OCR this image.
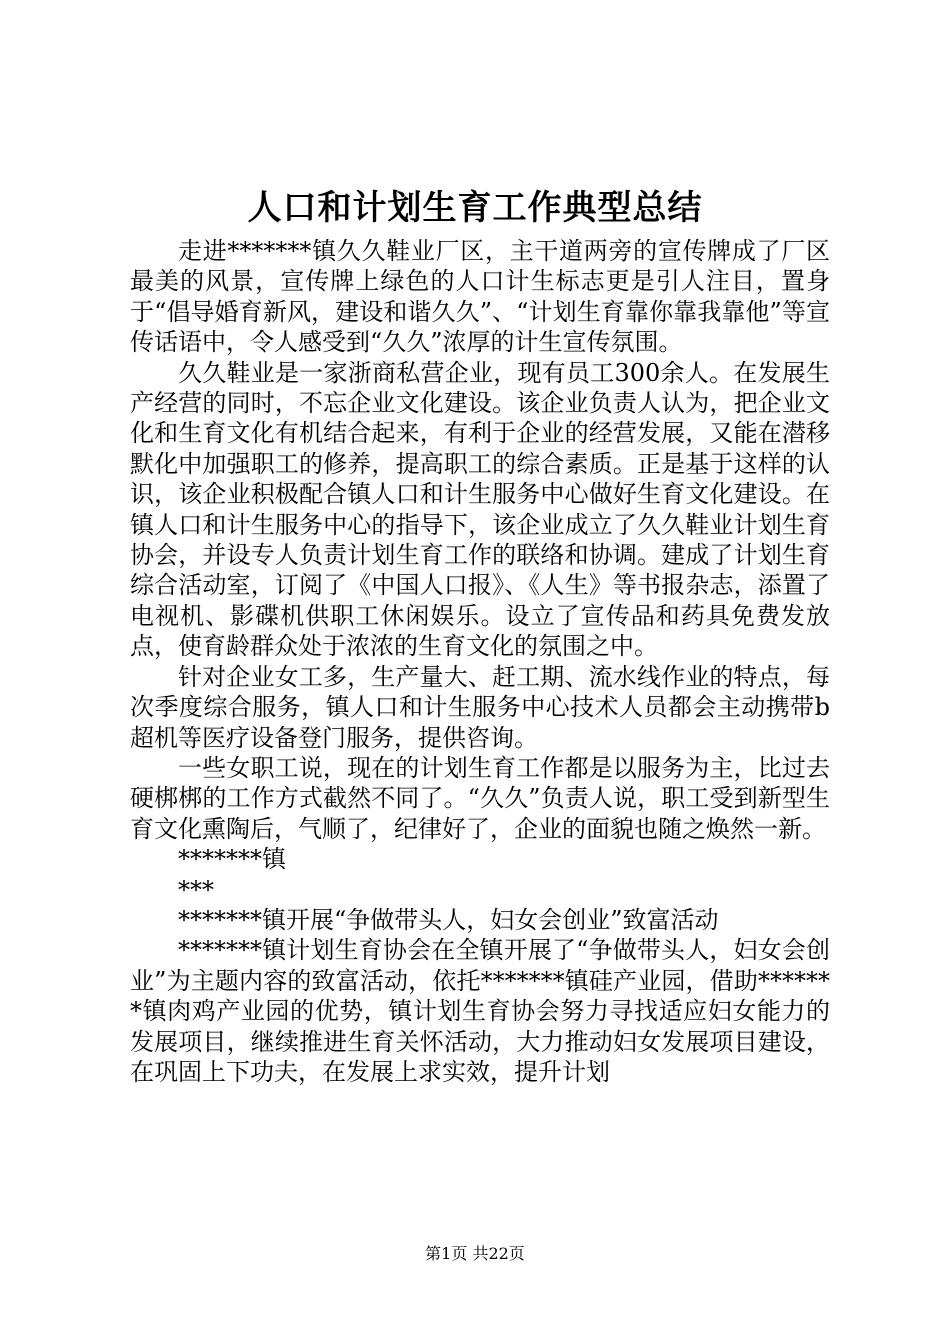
人口和计划生育工作典型总结

走进*******镇久久鞋业厂区，主干道两旁的宣传牌成了厂区最美的风景，宣传牌上绿色的人口计生标志更是引人注目，置身于“倡导婚育新风，建设和谐久久”、“计划生育靠你靠我靠他”等宣传话语中，令人感受到“久久”浓厚的计生宣传氛围。

久久鞋业是一家浙商私营企业，现有员工300余人。在发展生产经营的同时，不忘企业文化建设。该企业负责人认为，把企业文化和生育文化有机结合起来，有利于企业的经营发展，又能在潜移默化中加强职工的修养，提高职工的综合素质。正是基于这样的认识，该企业积极配合镇人口和计生服务中心做好生育文化建设。在镇人口和计生服务中心的指导下，该企业成立了久久鞋业计划生育协会，并设专人负责计划生育工作的联络和协调。建成了计划生育综合活动室，订阅了《中国人口报》、《人生》等书报杂志，添置了电视机、影碟机供职工休闲娱乐。设立了宣传品和药具免费发放点，使育龄群众处于浓浓的生育文化的氛围之中。

针对企业女工多，生产量大、赶工期、流水线作业的特点，每次季度综合服务，镇人口和计生服务中心技术人员都会主动携带b超机等医疗设备登门服务，提供咨询。

一些女职工说，现在的计划生育工作都是以服务为主，比过去硬梆梆的工作方式截然不同了。“久久”负责人说，职工受到新型生育文化熏陶后，气顺了，纪律好了，企业的面貌也随之焕然一新。

*******镇

***

*******镇开展“争做带头人，妇女会创业”致富活动

*******镇计划生育协会在全镇开展了“争做带头人，妇女会创业”为主题内容的致富活动，依托*******镇硅产业园，借助*******镇肉鸡产业园的优势，镇计划生育协会努力寻找适应妇女能力的发展项目，继续推进生育关怀活动，大力推动妇女发展项目建设，在巩固上下功夫，在发展上求实效，提升计划

第1页 共22页
